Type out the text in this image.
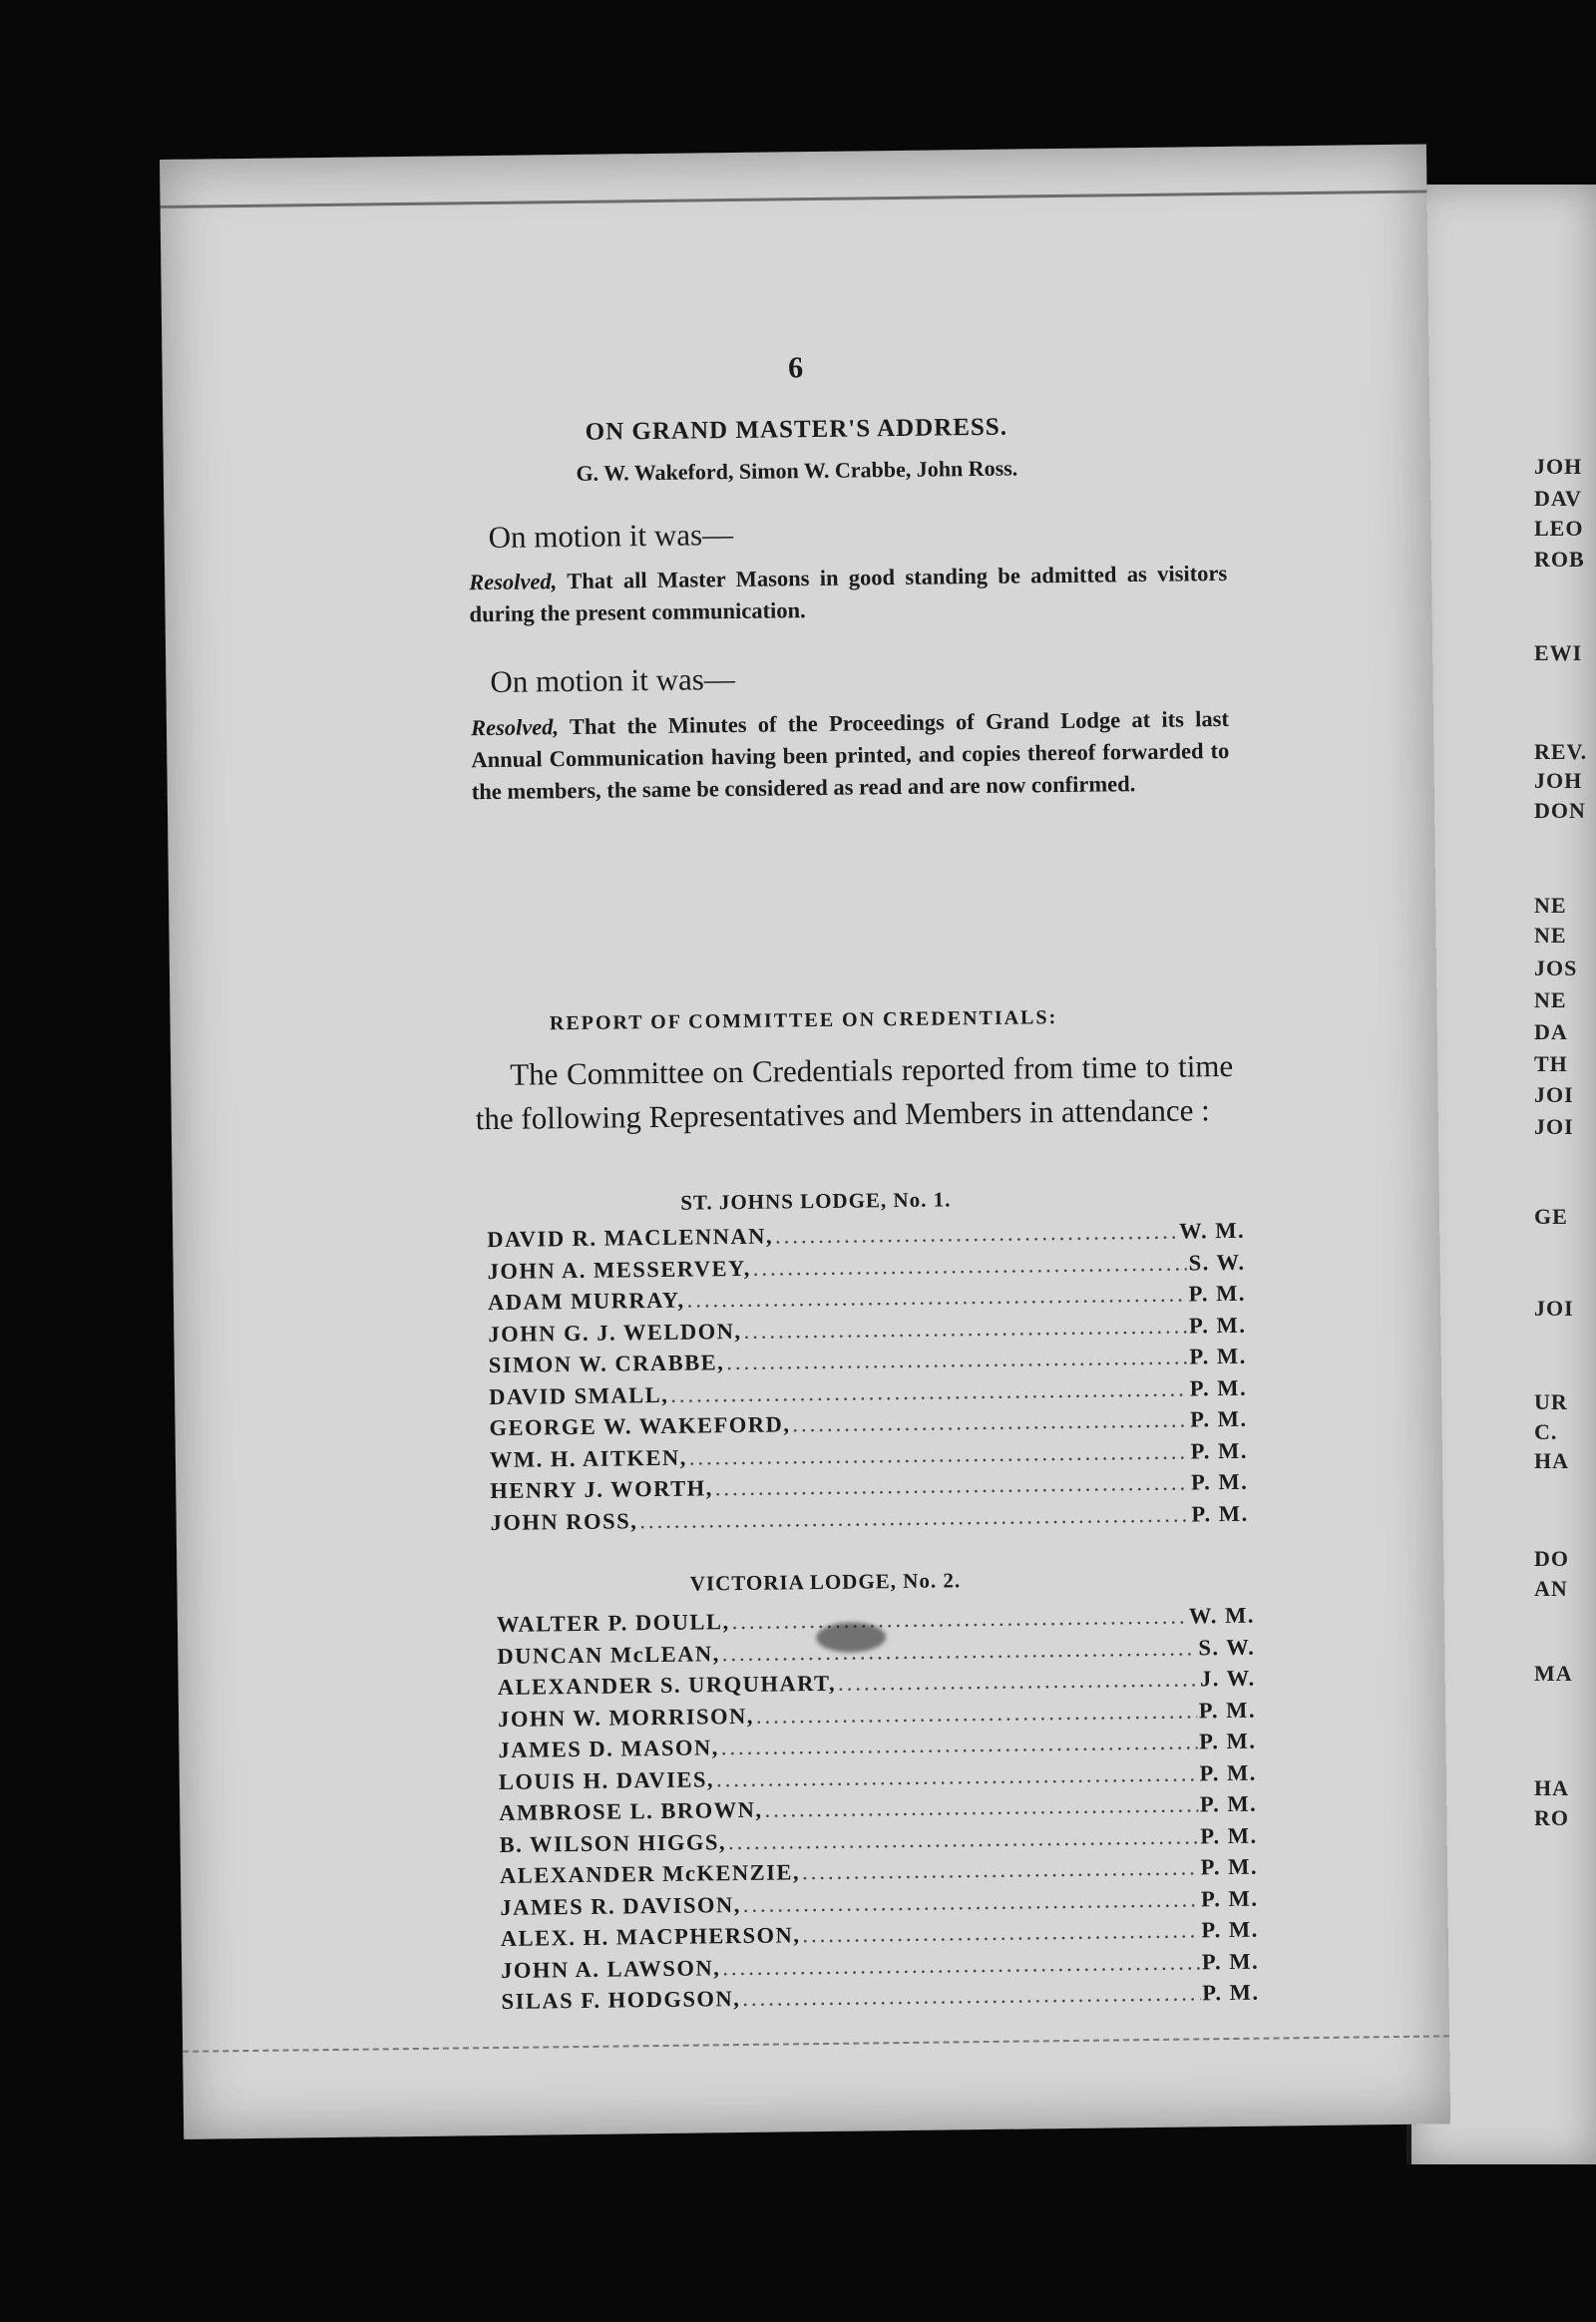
JOH
DAV
LEO
ROB
EWI
REV.
JOH
DON
NE
NE
JOS
NE
DA
TH
JOI
JOI
GE
JOI
UR
C.
HA
DO
AN
MA
HA
RO
6
ON GRAND MASTER'S ADDRESS.
G. W. Wakeford, Simon W. Crabbe, John Ross.
On motion it was—
Resolved, That all Master Masons in good standing be admitted as visitors during the present communication.
On motion it was—
Resolved, That the Minutes of the Proceedings of Grand Lodge at its last Annual Communication having been printed, and copies thereof forwarded to the members, the same be considered as read and are now confirmed.
REPORT OF COMMITTEE ON CREDENTIALS:
The Committee on Credentials reported from time to time the following Representatives and Members in attendance :
ST. JOHNS LODGE, No. 1.
DAVID R. MACLENNAN, .....	W. M.
JOHN A. MESSERVEY, .....	S. W.
ADAM MURRAY, .....	P. M.
JOHN G. J. WELDON, .....	P. M.
SIMON W. CRABBE, .....	P. M.
DAVID SMALL, .....	P. M.
GEORGE W. WAKEFORD, .....	P. M.
WM. H. AITKEN, .....	P. M.
HENRY J. WORTH, .....	P. M.
JOHN ROSS, .....	P. M.
VICTORIA LODGE, No. 2.
WALTER P. DOULL, .....	W. M.
DUNCAN McLEAN, .....	S. W.
ALEXANDER S. URQUHART, .....	J. W.
JOHN W. MORRISON, .....	P. M.
JAMES D. MASON, .....	P. M.
LOUIS H. DAVIES, .....	P. M.
AMBROSE L. BROWN, .....	P. M.
B. WILSON HIGGS, .....	P. M.
ALEXANDER McKENZIE, .....	P. M.
JAMES R. DAVISON, .....	P. M.
ALEX. H. MACPHERSON, .....	P. M.
JOHN A. LAWSON, .....	P. M.
SILAS F. HODGSON, .....	P. M.
